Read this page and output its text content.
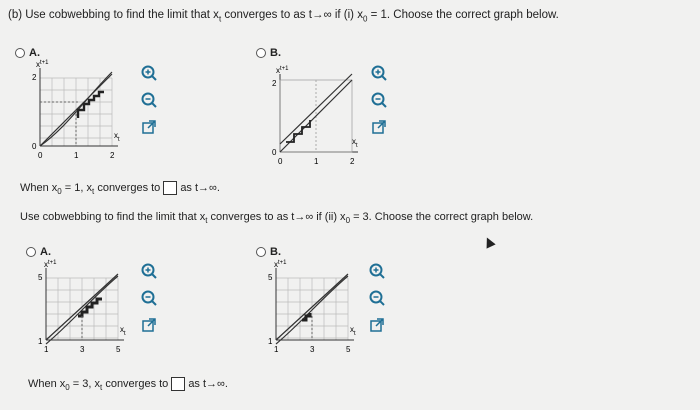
(b) Use cobwebbing to find the limit that $x_t$ converges to as t→∞ if (i) $x_0 = 1$. Choose the correct graph below.
A.	B.
$x^{t+1}$
$x_t$
2
0
0	1	2
$x^{t+1}$
$x_t$
2
0
0	1	2
When $x_0 = 1$, $x_t$ converges to as t→∞.
Use cobwebbing to find the limit that $x_t$ converges to as t→∞ if (ii) $x_0 = 3$. Choose the correct graph below.
A.	B.
$x^{t+1}$
$x_t$
5
1
1	3	5
$x^{t+1}$
$x_t$
5
1
1	3	5
When $x_0 = 3$, $x_t$ converges to as t→∞.
